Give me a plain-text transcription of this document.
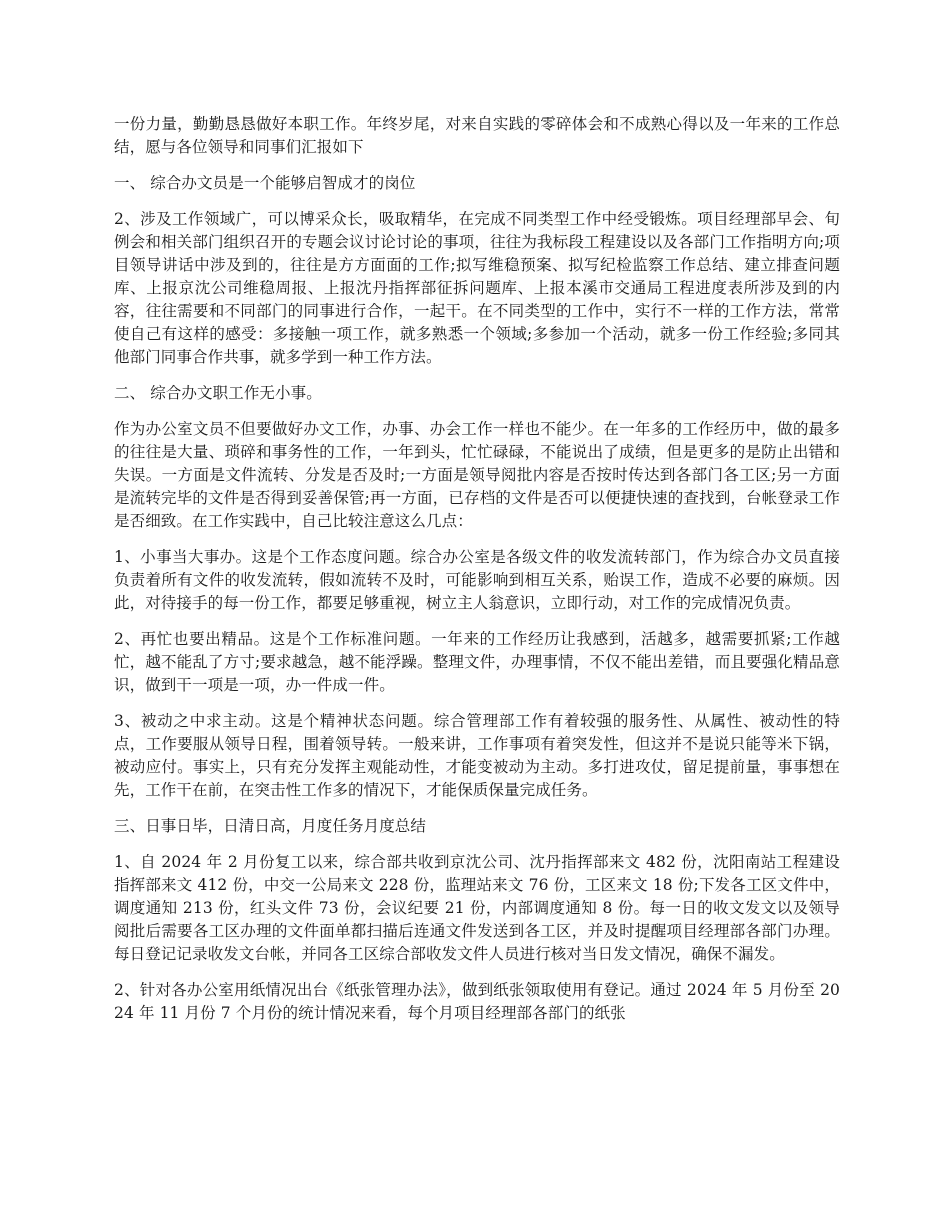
一份力量，勤勤恳恳做好本职工作。年终岁尾，对来自实践的零碎体会和不成熟心得以及一年来的工作总结，愿与各位领导和同事们汇报如下

一、 综合办文员是一个能够启智成才的岗位

2、涉及工作领域广，可以博采众长，吸取精华，在完成不同类型工作中经受锻炼。项目经理部早会、旬例会和相关部门组织召开的专题会议讨论讨论的事项，往往为我标段工程建设以及各部门工作指明方向;项目领导讲话中涉及到的，往往是方方面面的工作;拟写维稳预案、拟写纪检监察工作总结、建立排查问题库、上报京沈公司维稳周报、上报沈丹指挥部征拆问题库、上报本溪市交通局工程进度表所涉及到的内容，往往需要和不同部门的同事进行合作，一起干。在不同类型的工作中，实行不一样的工作方法，常常使自己有这样的感受：多接触一项工作，就多熟悉一个领域;多参加一个活动，就多一份工作经验;多同其他部门同事合作共事，就多学到一种工作方法。

二、 综合办文职工作无小事。

作为办公室文员不但要做好办文工作，办事、办会工作一样也不能少。在一年多的工作经历中，做的最多的往往是大量、琐碎和事务性的工作，一年到头，忙忙碌碌，不能说出了成绩，但是更多的是防止出错和失误。一方面是文件流转、分发是否及时;一方面是领导阅批内容是否按时传达到各部门各工区;另一方面是流转完毕的文件是否得到妥善保管;再一方面，已存档的文件是否可以便捷快速的查找到，台帐登录工作是否细致。在工作实践中，自己比较注意这么几点：

1、小事当大事办。这是个工作态度问题。综合办公室是各级文件的收发流转部门，作为综合办文员直接负责着所有文件的收发流转，假如流转不及时，可能影响到相互关系，贻误工作，造成不必要的麻烦。因此，对待接手的每一份工作，都要足够重视，树立主人翁意识，立即行动，对工作的完成情况负责。

2、再忙也要出精品。这是个工作标准问题。一年来的工作经历让我感到，活越多，越需要抓紧;工作越忙，越不能乱了方寸;要求越急，越不能浮躁。整理文件，办理事情，不仅不能出差错，而且要强化精品意识，做到干一项是一项，办一件成一件。

3、被动之中求主动。这是个精神状态问题。综合管理部工作有着较强的服务性、从属性、被动性的特点，工作要服从领导日程，围着领导转。一般来讲，工作事项有着突发性，但这并不是说只能等米下锅，被动应付。事实上，只有充分发挥主观能动性，才能变被动为主动。多打进攻仗，留足提前量，事事想在先，工作干在前，在突击性工作多的情况下，才能保质保量完成任务。

三、日事日毕，日清日高，月度任务月度总结

1、自 2024 年 2 月份复工以来，综合部共收到京沈公司、沈丹指挥部来文 482 份，沈阳南站工程建设指挥部来文 412 份，中交一公局来文 228 份，监理站来文 76 份，工区来文 18 份;下发各工区文件中，调度通知 213 份，红头文件 73 份，会议纪要 21 份，内部调度通知 8 份。每一日的收文发文以及领导阅批后需要各工区办理的文件面单都扫描后连通文件发送到各工区，并及时提醒项目经理部各部门办理。每日登记记录收发文台帐，并同各工区综合部收发文件人员进行核对当日发文情况，确保不漏发。

2、针对各办公室用纸情况出台《纸张管理办法》，做到纸张领取使用有登记。通过 2024 年 5 月份至 2024 年 11 月份 7 个月份的统计情况来看，每个月项目经理部各部门的纸张
